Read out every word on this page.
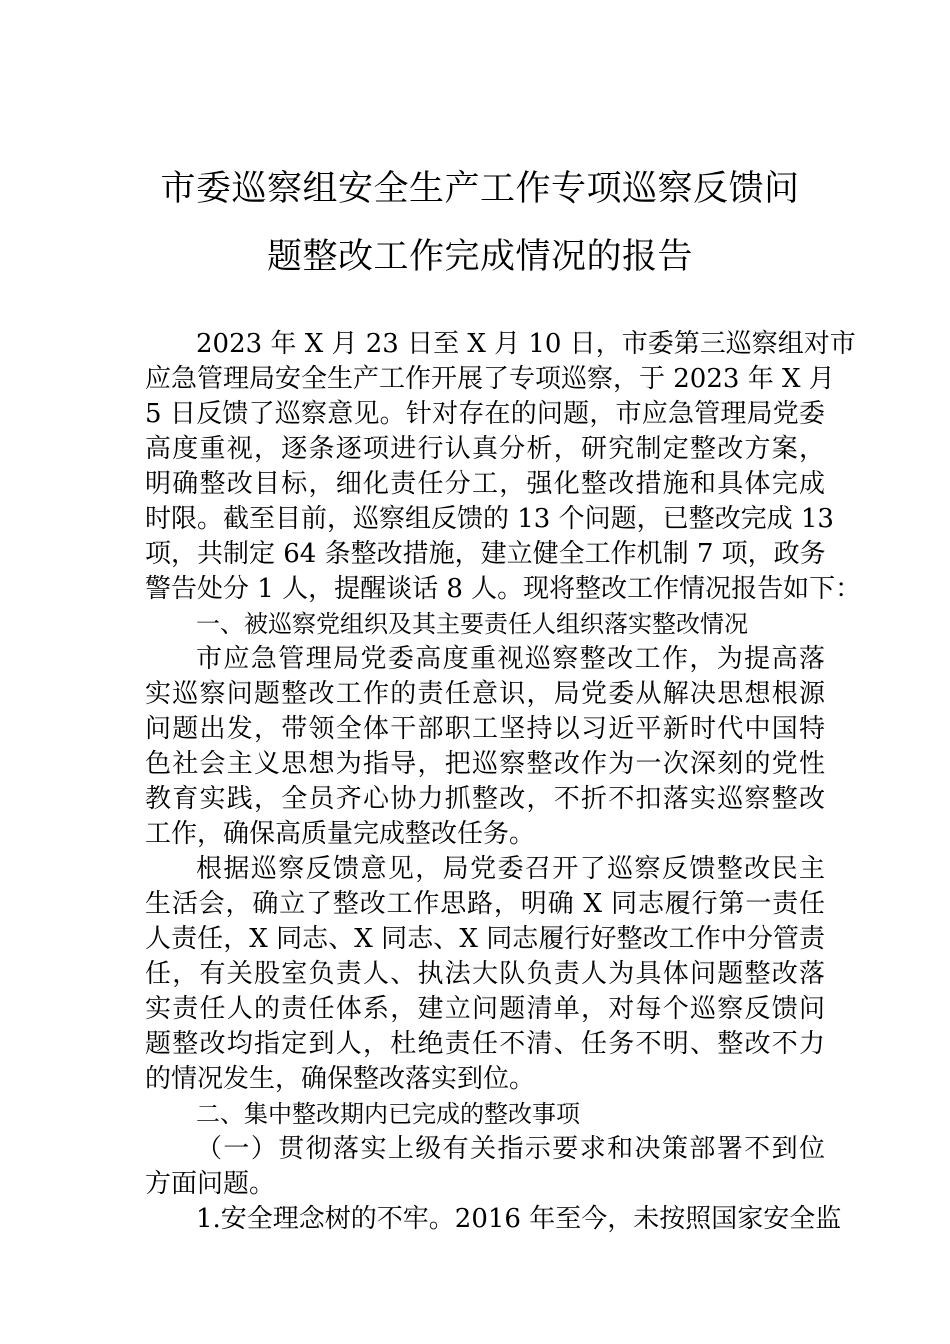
市委巡察组安全生产工作专项巡察反馈问
题整改工作完成情况的报告
2023 年 X 月 23 日至 X 月 10 日，市委第三巡察组对市
应急管理局安全生产工作开展了专项巡察，于 2023 年 X 月
5 日反馈了巡察意见。针对存在的问题，市应急管理局党委
高度重视，逐条逐项进行认真分析，研究制定整改方案，
明确整改目标，细化责任分工，强化整改措施和具体完成
时限。截至目前，巡察组反馈的 13 个问题，已整改完成 13
项，共制定 64 条整改措施，建立健全工作机制 7 项，政务
警告处分 1 人，提醒谈话 8 人。现将整改工作情况报告如下：
一、被巡察党组织及其主要责任人组织落实整改情况
市应急管理局党委高度重视巡察整改工作，为提高落
实巡察问题整改工作的责任意识，局党委从解决思想根源
问题出发，带领全体干部职工坚持以习近平新时代中国特
色社会主义思想为指导，把巡察整改作为一次深刻的党性
教育实践，全员齐心协力抓整改，不折不扣落实巡察整改
工作，确保高质量完成整改任务。
根据巡察反馈意见，局党委召开了巡察反馈整改民主
生活会，确立了整改工作思路，明确 X 同志履行第一责任
人责任，X 同志、X 同志、X 同志履行好整改工作中分管责
任，有关股室负责人、执法大队负责人为具体问题整改落
实责任人的责任体系，建立问题清单，对每个巡察反馈问
题整改均指定到人，杜绝责任不清、任务不明、整改不力
的情况发生，确保整改落实到位。
二、集中整改期内已完成的整改事项
（一）贯彻落实上级有关指示要求和决策部署不到位
方面问题。
1.安全理念树的不牢。2016 年至今，未按照国家安全监
